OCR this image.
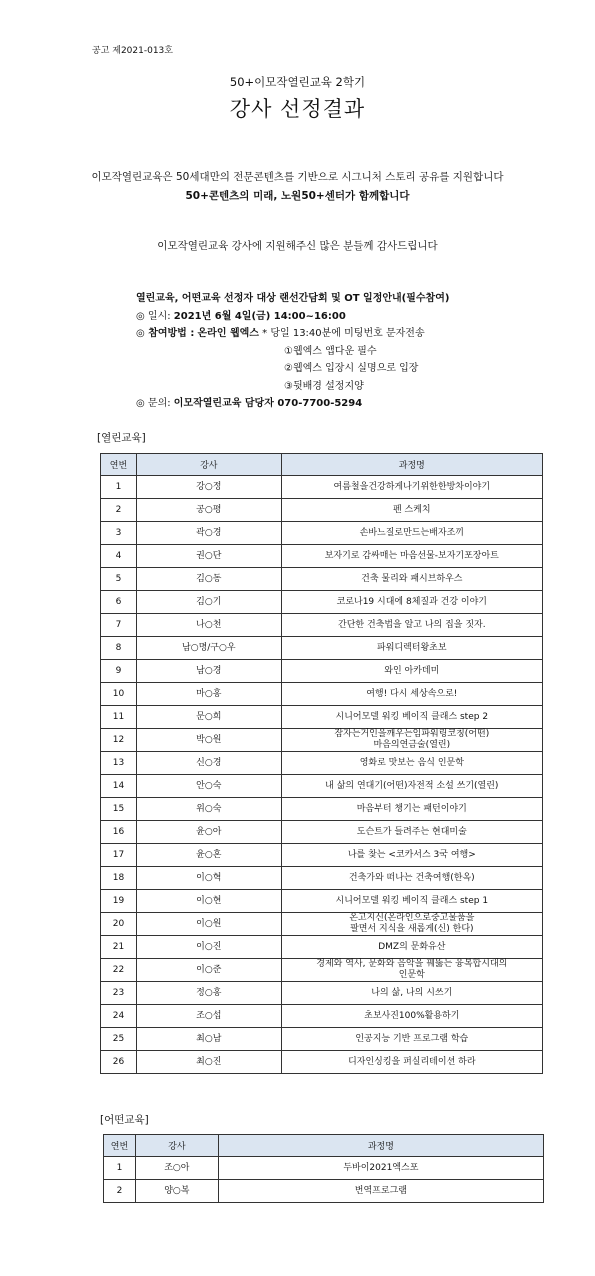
공고 제2021-013호
50+이모작열린교육 2학기
강사 선정결과
이모작열린교육은 50세대만의 전문콘텐츠를 기반으로 시그니처 스토리 공유를 지원합니다
50+콘텐츠의 미래, 노원50+센터가 함께합니다
이모작열린교육 강사에 지원해주신 많은 분들께 감사드립니다
열린교육, 어떤교육 선정자 대상 랜선간담회 및 OT 일정안내(필수참여)
◎ 일시: 2021년 6월 4일(금) 14:00~16:00
◎ 참여방법 : 온라인 웹엑스 * 당일 13:40분에 미팅번호 문자전송
①웹엑스 앱다운 필수
②웹엑스 입장시 실명으로 입장
③뒷배경 설정지양
◎ 문의: 이모작열린교육 담당자 070-7700-5294
[열린교육]
연번	강사	과정명
1	강○정	여름철을건강하게나기위한한방차이야기
2	공○평	펜 스케치
3	곽○경	손바느질로만드는배자조끼
4	권○단	보자기로 감싸매는 마음선물-보자기포장아트
5	김○동	건축 물리와 패시브하우스
6	김○기	코로나19 시대에 8체질과 건강 이야기
7	나○천	간단한 건축법을 알고 나의 집을 짓자.
8	남○명/구○우	파워디렉터왕초보
9	남○경	와인 아카데미
10	마○홍	여행! 다시 세상속으로!
11	문○희	시니어모델 워킹 베이직 클래스 step 2
12	박○원	잠자는거인을깨우는임파워링코칭(어떤)
마음의연금술(열린)
13	신○경	영화로 맛보는 음식 인문학
14	안○숙	내 삶의 연대기(어떤)자전적 소설 쓰기(열린)
15	위○숙	마음부터 챙기는 패턴이야기
16	윤○아	도슨트가 들려주는 현대미술
17	윤○혼	나를 찾는 <코카서스 3국 여행>
18	이○혁	건축가와 떠나는 건축여행(한옥)
19	이○현	시니어모델 워킹 베이직 클래스 step 1
20	이○원	온고지신(온라인으로중고물품을
팔면서 지식을 새롭게(신) 한다)
21	이○진	DMZ의 문화유산
22	이○준	경제와 역사, 문화와 음악을 꿰뚫는 융복합시대의
인문학
23	정○홍	나의 삶, 나의 시쓰기
24	조○섭	초보사진100%활용하기
25	최○남	인공지능 기반 프로그램 학습
26	최○진	디자인싱킹을 퍼실리테이션 하라
[어떤교육]
연번	강사	과정명
1	조○아	두바이2021엑스포
2	양○복	번역프로그램
